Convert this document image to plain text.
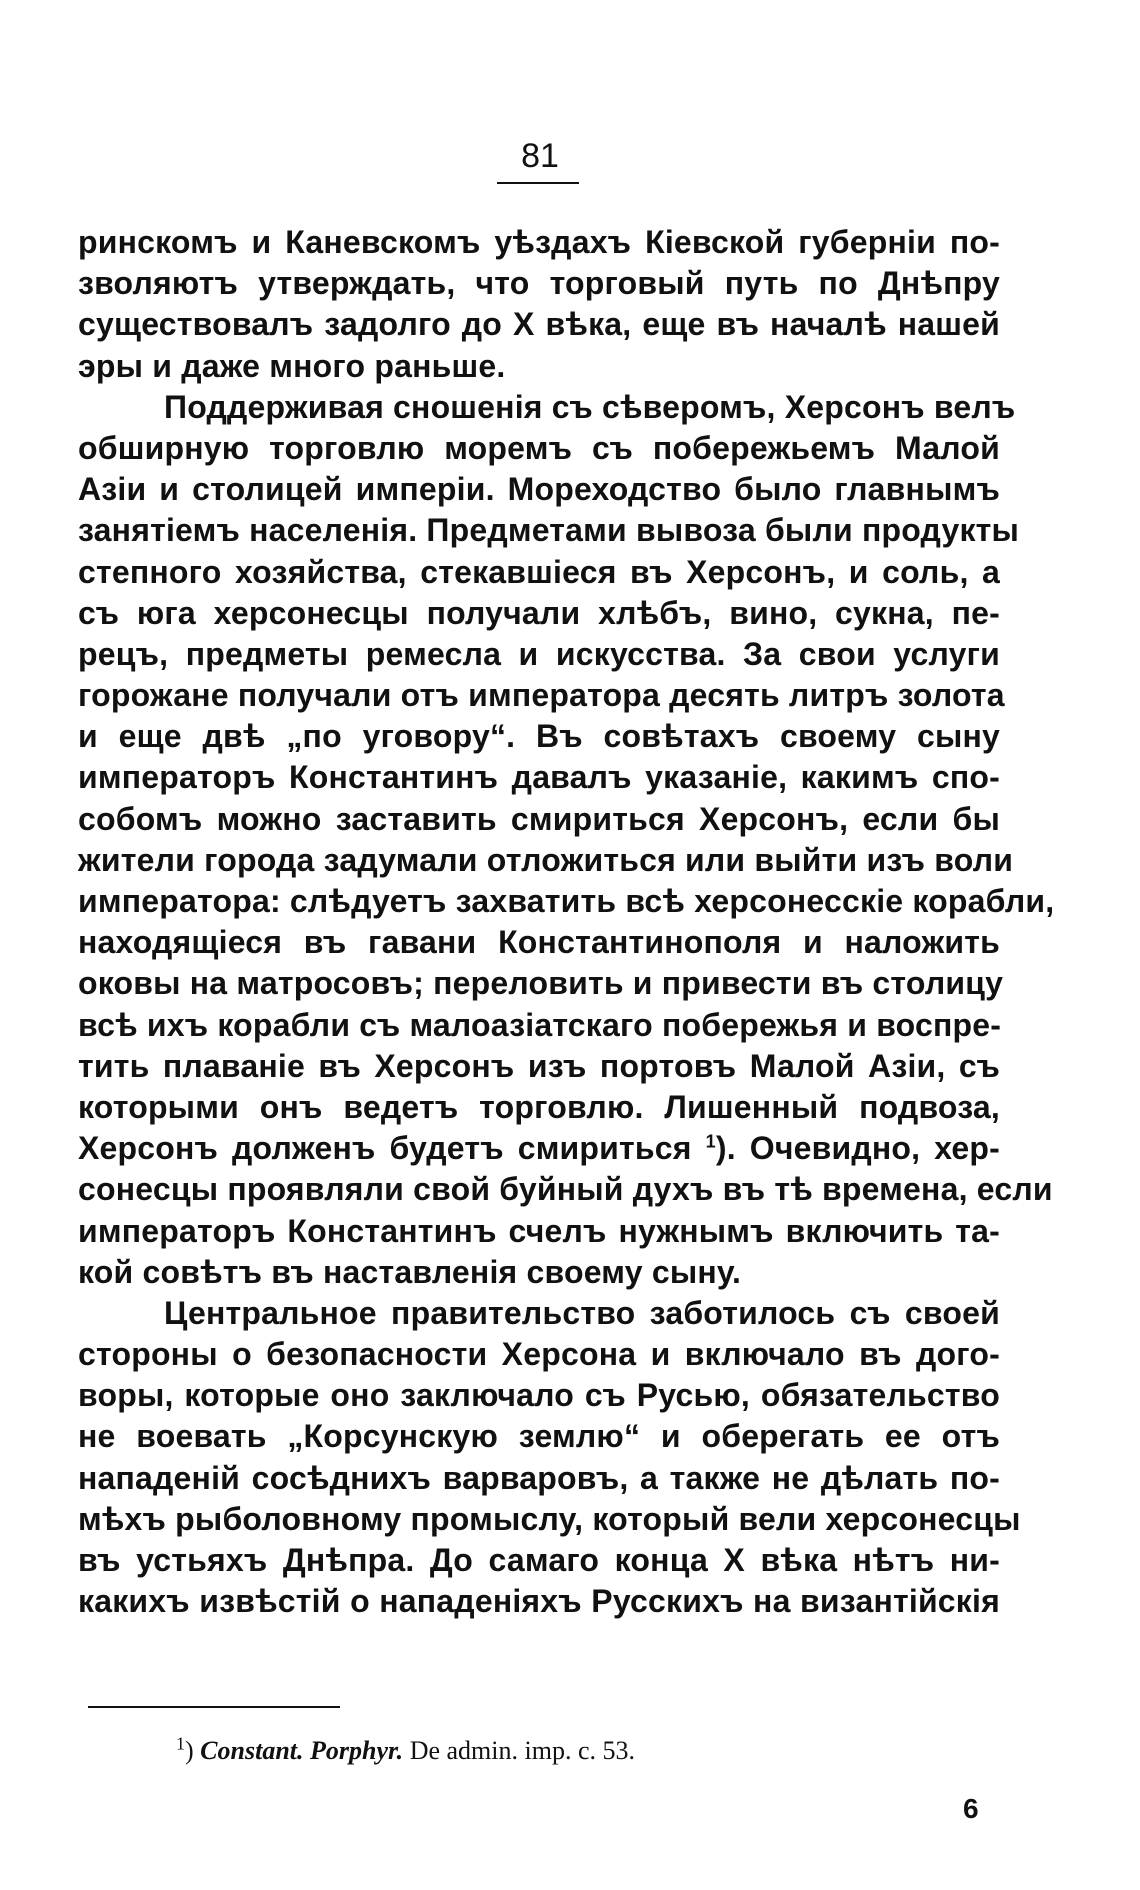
81
ринскомъ и Каневскомъ уѣздахъ Кіевской губерніи по-
зволяютъ утверждать, что торговый путь по Днѣпру
существовалъ задолго до X вѣка, еще въ началѣ нашей
эры и даже много раньше.
Поддерживая сношенія съ сѣверомъ, Херсонъ велъ
обширную торговлю моремъ съ побережьемъ Малой
Азіи и столицей имперіи. Мореходство было главнымъ
занятіемъ населенія. Предметами вывоза были продукты
степного хозяйства, стекавшіеся въ Херсонъ, и соль, а
съ юга херсонесцы получали хлѣбъ, вино, сукна, пе-
рецъ, предметы ремесла и искусства. За свои услуги
горожане получали отъ императора десять литръ золота
и еще двѣ „по уговору“. Въ совѣтахъ своему сыну
императоръ Константинъ давалъ указаніе, какимъ спо-
собомъ можно заставить смириться Херсонъ, если бы
жители города задумали отложиться или выйти изъ воли
императора: слѣдуетъ захватить всѣ херсонесскіе корабли,
находящіеся въ гавани Константинополя и наложить
оковы на матросовъ; переловить и привести въ столицу
всѣ ихъ корабли съ малоазіатскаго побережья и воспре-
тить плаваніе въ Херсонъ изъ портовъ Малой Азіи, съ
которыми онъ ведетъ торговлю. Лишенный подвоза,
Херсонъ долженъ будетъ смириться $^1$). Очевидно, хер-
сонесцы проявляли свой буйный духъ въ тѣ времена, если
императоръ Константинъ счелъ нужнымъ включить та-
кой совѣтъ въ наставленія своему сыну.
Центральное правительство заботилось съ своей
стороны о безопасности Херсона и включало въ дого-
воры, которые оно заключало съ Русью, обязательство
не воевать „Корсунскую землю“ и оберегать ее отъ
нападеній сосѣднихъ варваровъ, а также не дѣлать по-
мѣхъ рыболовному промыслу, который вели херсонесцы
въ устьяхъ Днѣпра. До самаго конца X вѣка нѣтъ ни-
какихъ извѣстій о нападеніяхъ Русскихъ на византійскія
$^1$) Constant. Porphyr. De admin. imp. c. 53.
6
